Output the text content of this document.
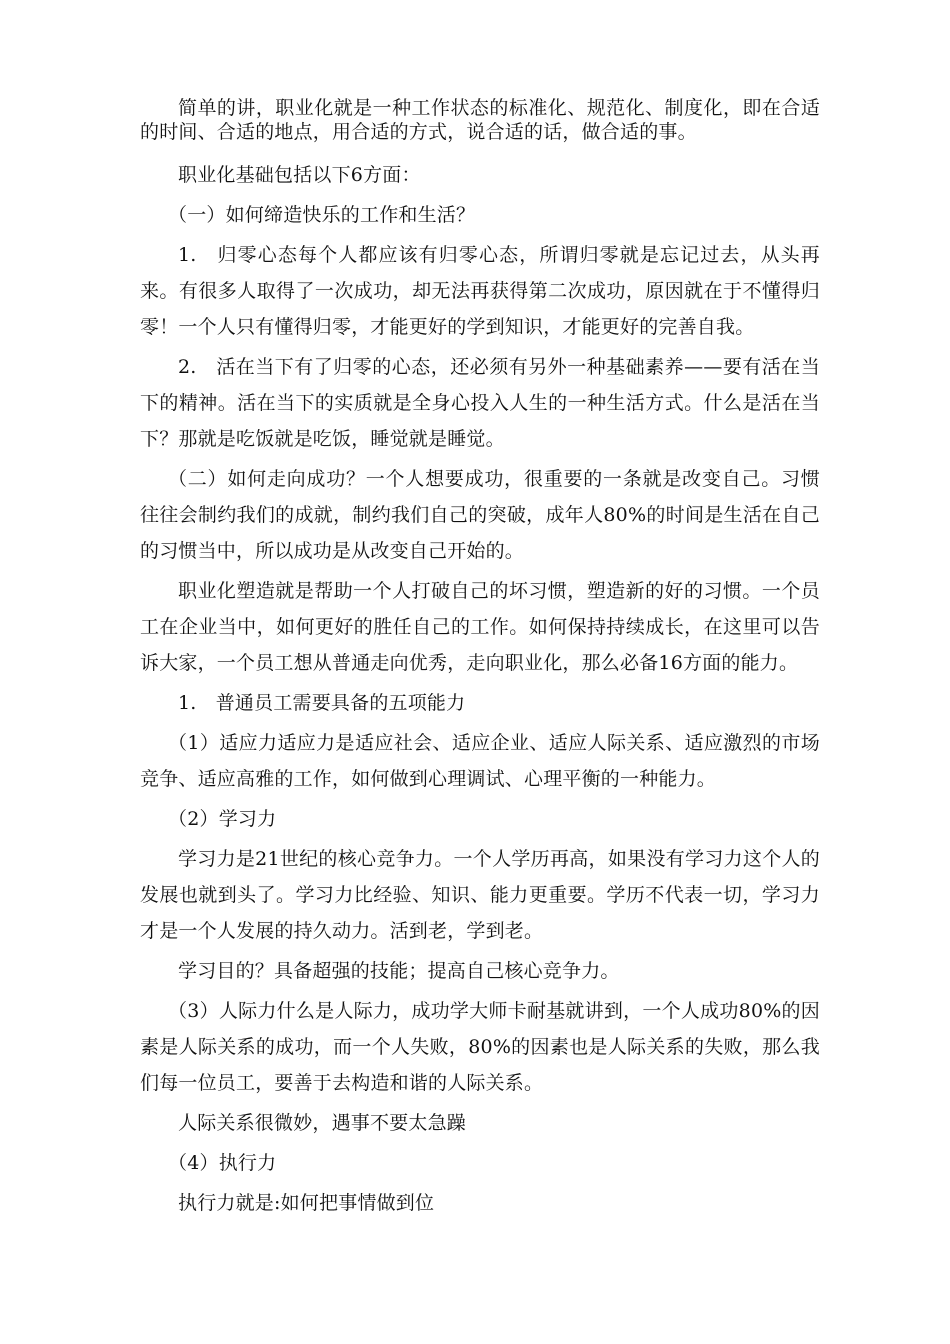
简单的讲，职业化就是一种工作状态的标准化、规范化、制度化，即在合适的时间、合适的地点，用合适的方式，说合适的话，做合适的事。

职业化基础包括以下6方面：

（一）如何缔造快乐的工作和生活？

1.　归零心态每个人都应该有归零心态，所谓归零就是忘记过去，从头再来。有很多人取得了一次成功，却无法再获得第二次成功，原因就在于不懂得归零！一个人只有懂得归零，才能更好的学到知识，才能更好的完善自我。

2.　活在当下有了归零的心态，还必须有另外一种基础素养——要有活在当下的精神。活在当下的实质就是全身心投入人生的一种生活方式。什么是活在当下？那就是吃饭就是吃饭，睡觉就是睡觉。

（二）如何走向成功？一个人想要成功，很重要的一条就是改变自己。习惯往往会制约我们的成就，制约我们自己的突破，成年人80%的时间是生活在自己的习惯当中，所以成功是从改变自己开始的。

职业化塑造就是帮助一个人打破自己的坏习惯，塑造新的好的习惯。一个员工在企业当中，如何更好的胜任自己的工作。如何保持持续成长，在这里可以告诉大家，一个员工想从普通走向优秀，走向职业化，那么必备16方面的能力。

1.　普通员工需要具备的五项能力

（1）适应力适应力是适应社会、适应企业、适应人际关系、适应激烈的市场竞争、适应高雅的工作，如何做到心理调试、心理平衡的一种能力。

（2）学习力

学习力是21世纪的核心竞争力。一个人学历再高，如果没有学习力这个人的发展也就到头了。学习力比经验、知识、能力更重要。学历不代表一切，学习力才是一个人发展的持久动力。活到老，学到老。

学习目的？具备超强的技能；提高自己核心竞争力。

（3）人际力什么是人际力，成功学大师卡耐基就讲到，一个人成功80%的因素是人际关系的成功，而一个人失败，80%的因素也是人际关系的失败，那么我们每一位员工，要善于去构造和谐的人际关系。

人际关系很微妙，遇事不要太急躁

（4）执行力

执行力就是:如何把事情做到位
